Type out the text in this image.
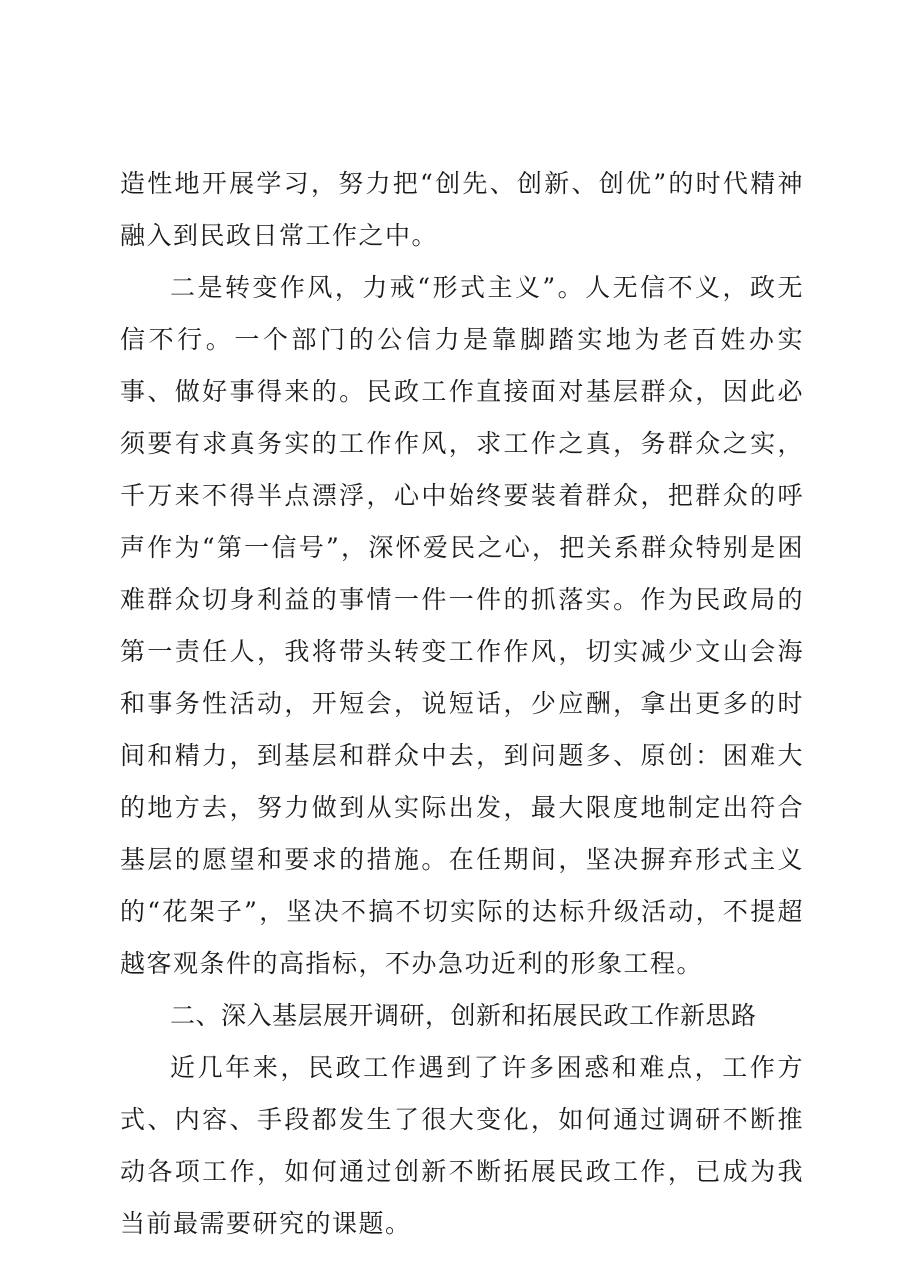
造性地开展学习，努力把“创先、创新、创优”的时代精神融入到民政日常工作之中。

二是转变作风，力戒“形式主义”。人无信不义，政无信不行。一个部门的公信力是靠脚踏实地为老百姓办实事、做好事得来的。民政工作直接面对基层群众，因此必须要有求真务实的工作作风，求工作之真，务群众之实，千万来不得半点漂浮，心中始终要装着群众，把群众的呼声作为“第一信号”，深怀爱民之心，把关系群众特别是困难群众切身利益的事情一件一件的抓落实。作为民政局的第一责任人，我将带头转变工作作风，切实减少文山会海和事务性活动，开短会，说短话，少应酬，拿出更多的时间和精力，到基层和群众中去，到问题多、原创：困难大的地方去，努力做到从实际出发，最大限度地制定出符合基层的愿望和要求的措施。在任期间，坚决摒弃形式主义的“花架子”，坚决不搞不切实际的达标升级活动，不提超越客观条件的高指标，不办急功近利的形象工程。

二、深入基层展开调研，创新和拓展民政工作新思路

近几年来，民政工作遇到了许多困惑和难点，工作方式、内容、手段都发生了很大变化，如何通过调研不断推动各项工作，如何通过创新不断拓展民政工作，已成为我当前最需要研究的课题。
